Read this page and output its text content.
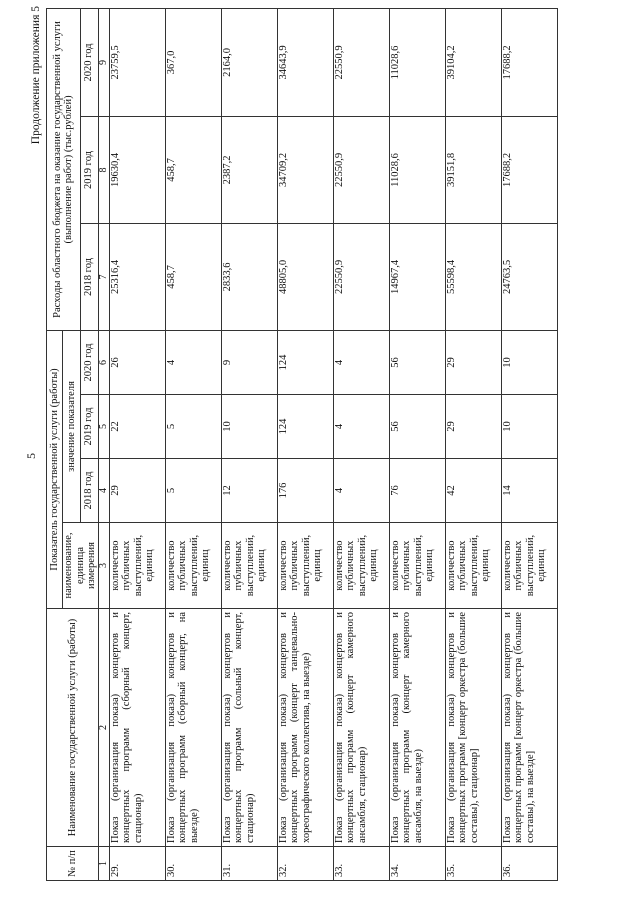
5
Продолжение приложения 5
№ п/п	Наименование государственной услуги (работы)	Показатель государственной услуги (работы)				Расходы областного бюджета на оказание государственной услуги (выполнение работ) (тыс.рублей)		
		наименование, единица измерения	значение показателя					
			2018 год	2019 год	2020 год	2018 год	2019 год	2020 год
1	2	3	4	5	6	7	8	9
29.	Показ (организация показа) концертов и концертных программ (сборный концерт, стационар)	количество публичных выступлений, единиц	29	22	26	25316,4	19630,4	23759,5
30.	Показ (организация показа) концертов и концертных программ (сборный концерт, на выезде)	количество публичных выступлений, единиц	5	5	4	458,7	458,7	367,0
31.	Показ (организация показа) концертов и концертных программ (сольный концерт, стационар)	количество публичных выступлений, единиц	12	10	9	2833,6	2387,2	2164,0
32.	Показ (организация показа) концертов и концертных программ (концерт танцевально-хореографического коллектива, на выезде)	количество публичных выступлений, единиц	176	124	124	48805,0	34709,2	34643,9
33.	Показ (организация показа) концертов и концертных программ (концерт камерного ансамбля, стационар)	количество публичных выступлений, единиц	4	4	4	22550,9	22550,9	22550,9
34.	Показ (организация показа) концертов и концертных программ (концерт камерного ансамбля, на выезде)	количество публичных выступлений, единиц	76	56	56	14967,4	11028,6	11028,6
35.	Показ (организация показа) концертов и концертных программ [концерт оркестра (большие составы), стационар]	количество публичных выступлений, единиц	42	29	29	55598,4	39151,8	39104,2
36.	Показ (организация показа) концертов и концертных программ [концерт оркестра (большие составы), на выезде]	количество публичных выступлений, единиц	14	10	10	24763,5	17688,2	17688,2
